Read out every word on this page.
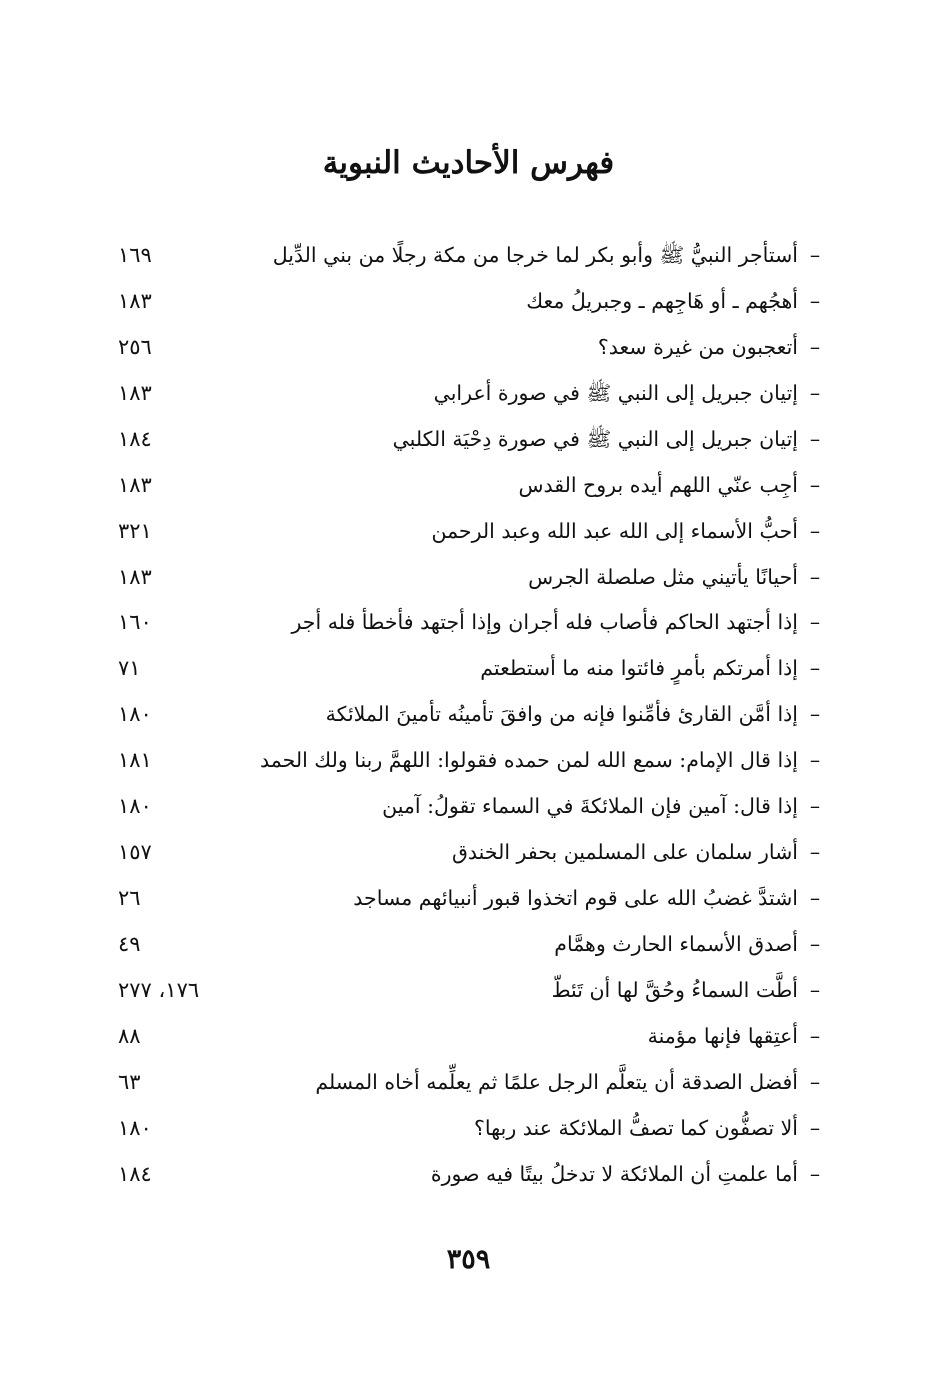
فهرس الأحاديث النبوية
–
أستأجر النبيُّ ﷺ وأبو بكر لما خرجا من مكة رجلًا من بني الدِّيل
١٦٩
–
أهجُهم ـ أو هَاجِهم ـ وجبريلُ معك
١٨٣
–
أتعجبون من غيرة سعد؟
٢٥٦
–
إتيان جبريل إلى النبي ﷺ في صورة أعرابي
١٨٣
–
إتيان جبريل إلى النبي ﷺ في صورة دِحْيَة الكلبي
١٨٤
–
أجِب عنّي اللهم أيده بروح القدس
١٨٣
–
أحبُّ الأسماء إلى الله عبد الله وعبد الرحمن
٣٢١
–
أحيانًا يأتيني مثل صلصلة الجرس
١٨٣
–
إذا أجتهد الحاكم فأصاب فله أجران وإذا أجتهد فأخطأ فله أجر
١٦٠
–
إذا أمرتكم بأمرٍ فائتوا منه ما أستطعتم
٧١
–
إذا أمَّن القارئ فأمِّنوا فإنه من وافقَ تأمينُه تأمينَ الملائكة
١٨٠
–
إذا قال الإمام: سمع الله لمن حمده فقولوا: اللهمَّ ربنا ولك الحمد
١٨١
–
إذا قال: آمين فإن الملائكةَ في السماء تقولُ: آمين
١٨٠
–
أشار سلمان على المسلمين بحفر الخندق
١٥٧
–
اشتدَّ غضبُ الله على قوم اتخذوا قبور أنبيائهم مساجد
٢٦
–
أصدق الأسماء الحارث وهمَّام
٤٩
–
أطَّت السماءُ وحُقَّ لها أن تَئطّ
١٧٦، ٢٧٧
–
أعتِقها فإنها مؤمنة
٨٨
–
أفضل الصدقة أن يتعلَّم الرجل علمًا ثم يعلِّمه أخاه المسلم
٦٣
–
ألا تصفُّون كما تصفُّ الملائكة عند ربها؟
١٨٠
–
أما علمتِ أن الملائكة لا تدخلُ بيتًا فيه صورة
١٨٤
٣٥٩
